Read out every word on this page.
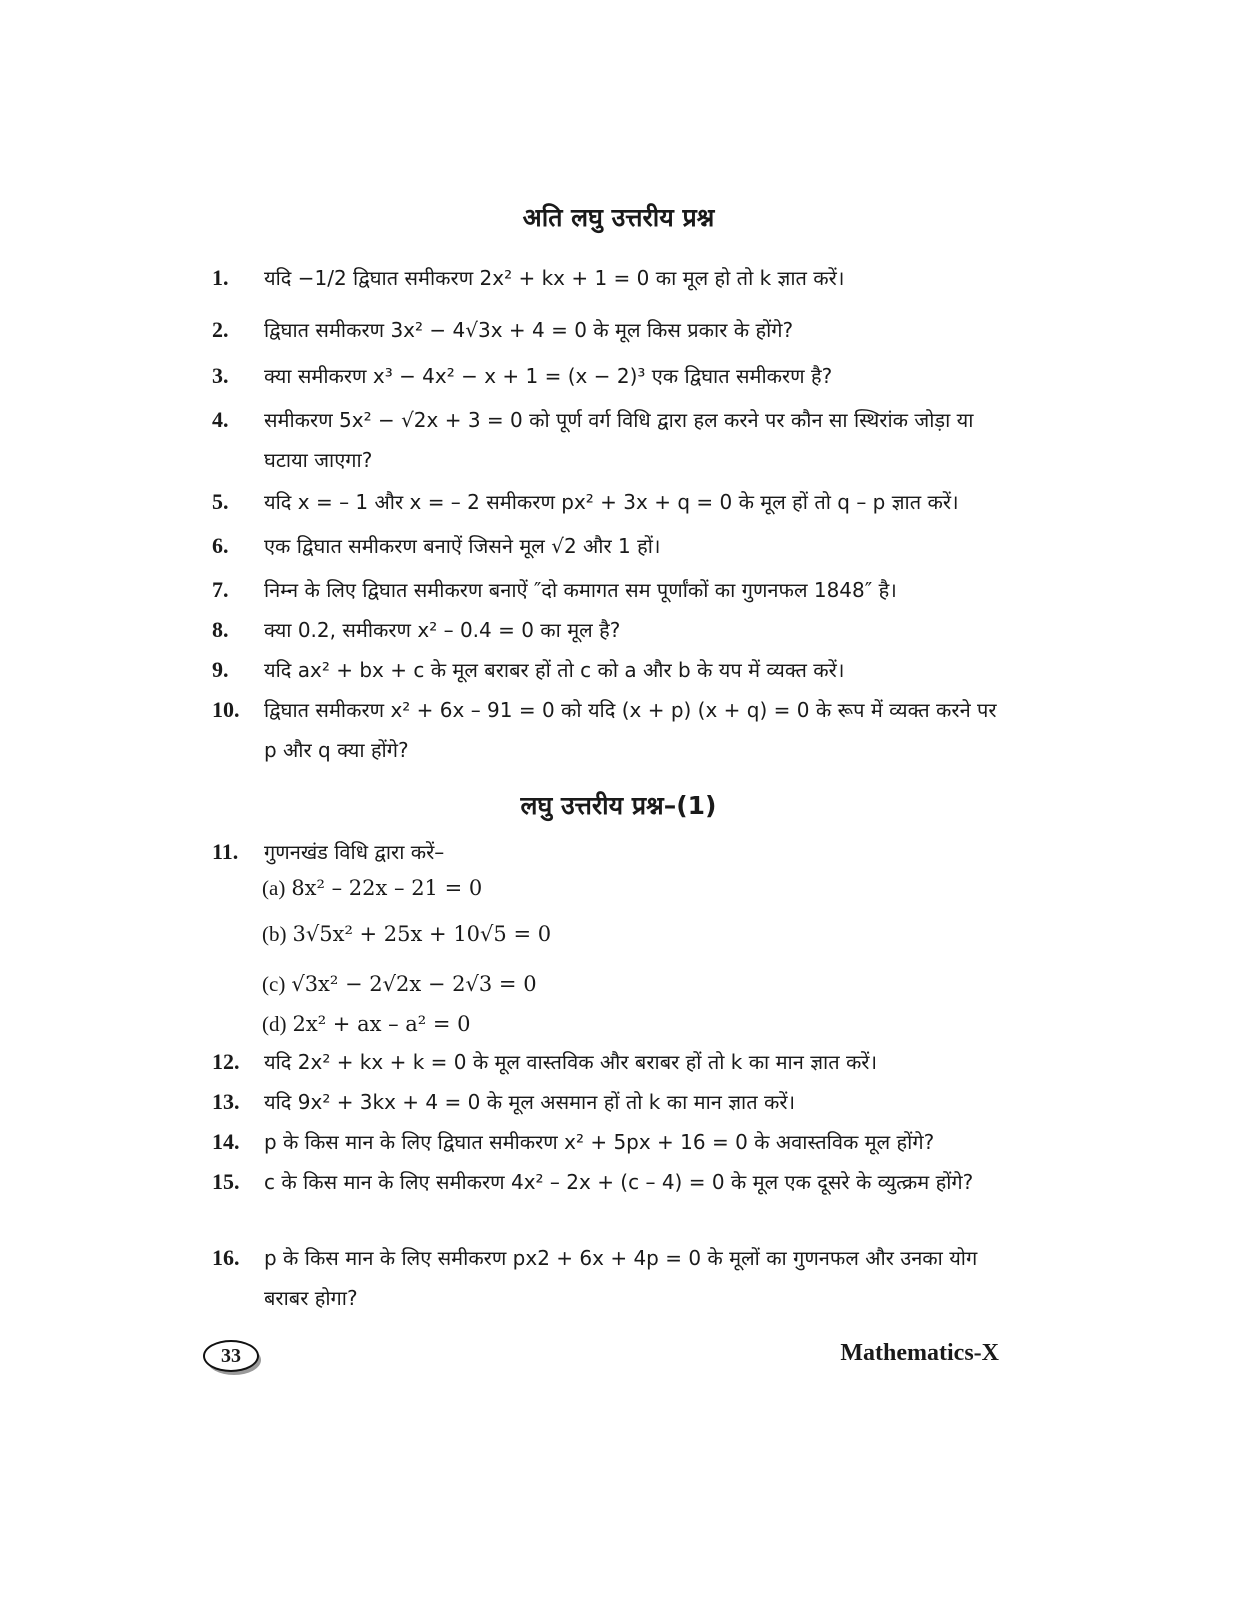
अति लघु उत्तरीय प्रश्न
1.	यदि −1/2 द्विघात समीकरण 2x² + kx + 1 = 0 का मूल हो तो k ज्ञात करें।
2.	द्विघात समीकरण 3x² − 4√3x + 4 = 0 के मूल किस प्रकार के होंगे?
3.	क्या समीकरण x³ − 4x² − x + 1 = (x − 2)³ एक द्विघात समीकरण है?
4.	समीकरण 5x² − √2x + 3 = 0 को पूर्ण वर्ग विधि द्वारा हल करने पर कौन सा स्थिरांक जोड़ा या घटाया जाएगा?
5.	यदि x = – 1 और x = – 2 समीकरण px² + 3x + q = 0 के मूल हों तो q – p ज्ञात करें।
6.	एक द्विघात समीकरण बनाऐं जिसने मूल √2 और 1 हों।
7.	निम्न के लिए द्विघात समीकरण बनाऐं ″दो कमागत सम पूर्णांकों का गुणनफल 1848″ है।
8.	क्या 0.2, समीकरण x² – 0.4 = 0 का मूल है?
9.	यदि ax² + bx + c के मूल बराबर हों तो c को a और b के यप में व्यक्त करें।
10.	द्विघात समीकरण x² + 6x – 91 = 0 को यदि (x + p) (x + q) = 0 के रूप में व्यक्त करने पर p और q क्या होंगे?
लघु उत्तरीय प्रश्न–(1)
11.	गुणनखंड विधि द्वारा करें–
(a) 8x² – 22x – 21 = 0
(b) 3√5x² + 25x + 10√5 = 0
(c) √3x² − 2√2x − 2√3 = 0
(d) 2x² + ax – a² = 0
12.	यदि 2x² + kx + k = 0 के मूल वास्तविक और बराबर हों तो k का मान ज्ञात करें।
13.	यदि 9x² + 3kx + 4 = 0 के मूल असमान हों तो k का मान ज्ञात करें।
14.	p के किस मान के लिए द्विघात समीकरण x² + 5px + 16 = 0 के अवास्तविक मूल होंगे?
15.	c के किस मान के लिए समीकरण 4x² – 2x + (c – 4) = 0 के मूल एक दूसरे के व्युत्क्रम होंगे?
16.	p के किस मान के लिए समीकरण px2 + 6x + 4p = 0 के मूलों का गुणनफल और उनका योग बराबर होगा?
33	Mathematics-X
